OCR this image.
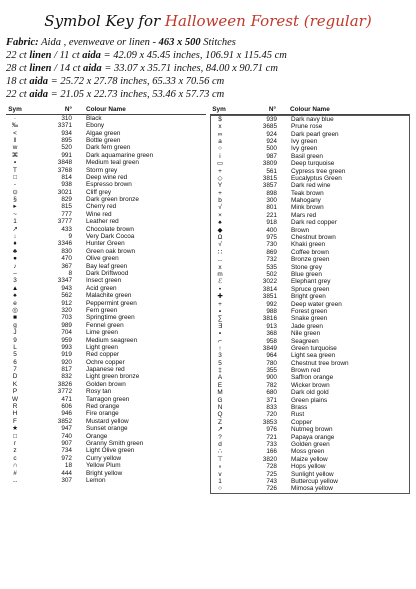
Symbol Key for Halloween Forest (regular)
Fabric: Aida , evenweave or linen - 463 x 500 Stitches
22 ct linen / 11 ct aida = 42.09 x 45.45 inches, 106.91 x 115.45 cm
28 ct linen / 14 ct aida = 33.07 x 35.71 inches, 84.00 x 90.71 cm
18 ct aida = 25.72 x 27.78 inches, 65.33 x 70.56 cm
22 ct aida = 21.05 x 22.73 inches, 53.46 x 57.73 cm
Sym	N°	Colour Name
·	310	Black
‰	3371	Ebony
<	934	Algae green
ǁ	895	Bottle green
w	520	Dark fern green
⌘	991	Dark aquamarine green
▪	3848	Medium teal green
T	3768	Storm grey
□	814	Deep wine red
-	938	Espresso brown
⊙	3021	Cliff grey
§	829	Dark green bronze
▸	815	Cherry red
~	777	Wine red
1	3777	Leather red
↗	433	Chocolate brown
↓	9	Very Dark Cocoa
♦	3346	Hunter Green
♣	830	Green oak brown
●	470	Olive green
♪	367	Bay leaf green
–	8	Dark Driftwood
3	3347	Insect green
▲	943	Acid green
♠	562	Malachite green
e	912	Peppermint green
◎	320	Fern green
■	703	Springtime green
g	989	Fennel green
J	704	Lime green
9	959	Medium seagreen
L	993	Light green
5	919	Red copper
6	920	Ochre copper
7	817	Japanese red
D	832	Light green bronze
K	3826	Golden brown
P	3772	Rosy tan
W	471	Tarragon green
R	606	Red orange
H	946	Fire orange
F	3852	Mustard yellow
★	947	Sunset orange
□	740	Orange
r	907	Granny Smith green
z	734	Light Olive green
c	972	Curry yellow
∩	18	Yellow Plum
#	444	Bright yellow
‥	307	Lemon
Sym	N°	Colour Name
$	939	Dark navy blue
x	3685	Prune rose
∞	924	Dark pearl green
a	924	Ivy green
○	500	Ivy green
i	987	Basil green
▭	3809	Deep turquoise
+	561	Cypress tree green
◇	3815	Eucalyptus Green
Y	3857	Dark red wine
+	898	Teak brown
b	300	Mahogany
√	801	Mink brown
×	221	Mars red
♠	918	Dark red copper
◆	400	Brown
Ω	975	Chestnut brown
√	730	Khaki green
∷	869	Coffee brown
‥	732	Bronze green
x	535	Stone grey
m	502	Blue green
ℰ	3022	Elephant grey
•	3814	Spruce green
✚	3851	Bright green
+	992	Deep water green
▪	988	Forest green
∑	3816	Snake green
∃	913	Jade green
▪	368	Nile green
⌐	958	Seagreen
↑	3849	Green turquoise
3	964	Light sea green
5	780	Chestnut tree brown
‡	355	Brown red
A	900	Saffron orange
E	782	Wicker brown
M	680	Dark old gold
G	371	Green plains
N	833	Brass
Q	720	Rust
Z	3853	Copper
↗	976	Nutmeg brown
?	721	Papaya orange
d	733	Golden green
∴	166	Moss green
⊤	3820	Maize yellow
∘	728	Hops yellow
v	725	Sunlight yellow
1	743	Buttercup yellow
○	726	Mimosa yellow
